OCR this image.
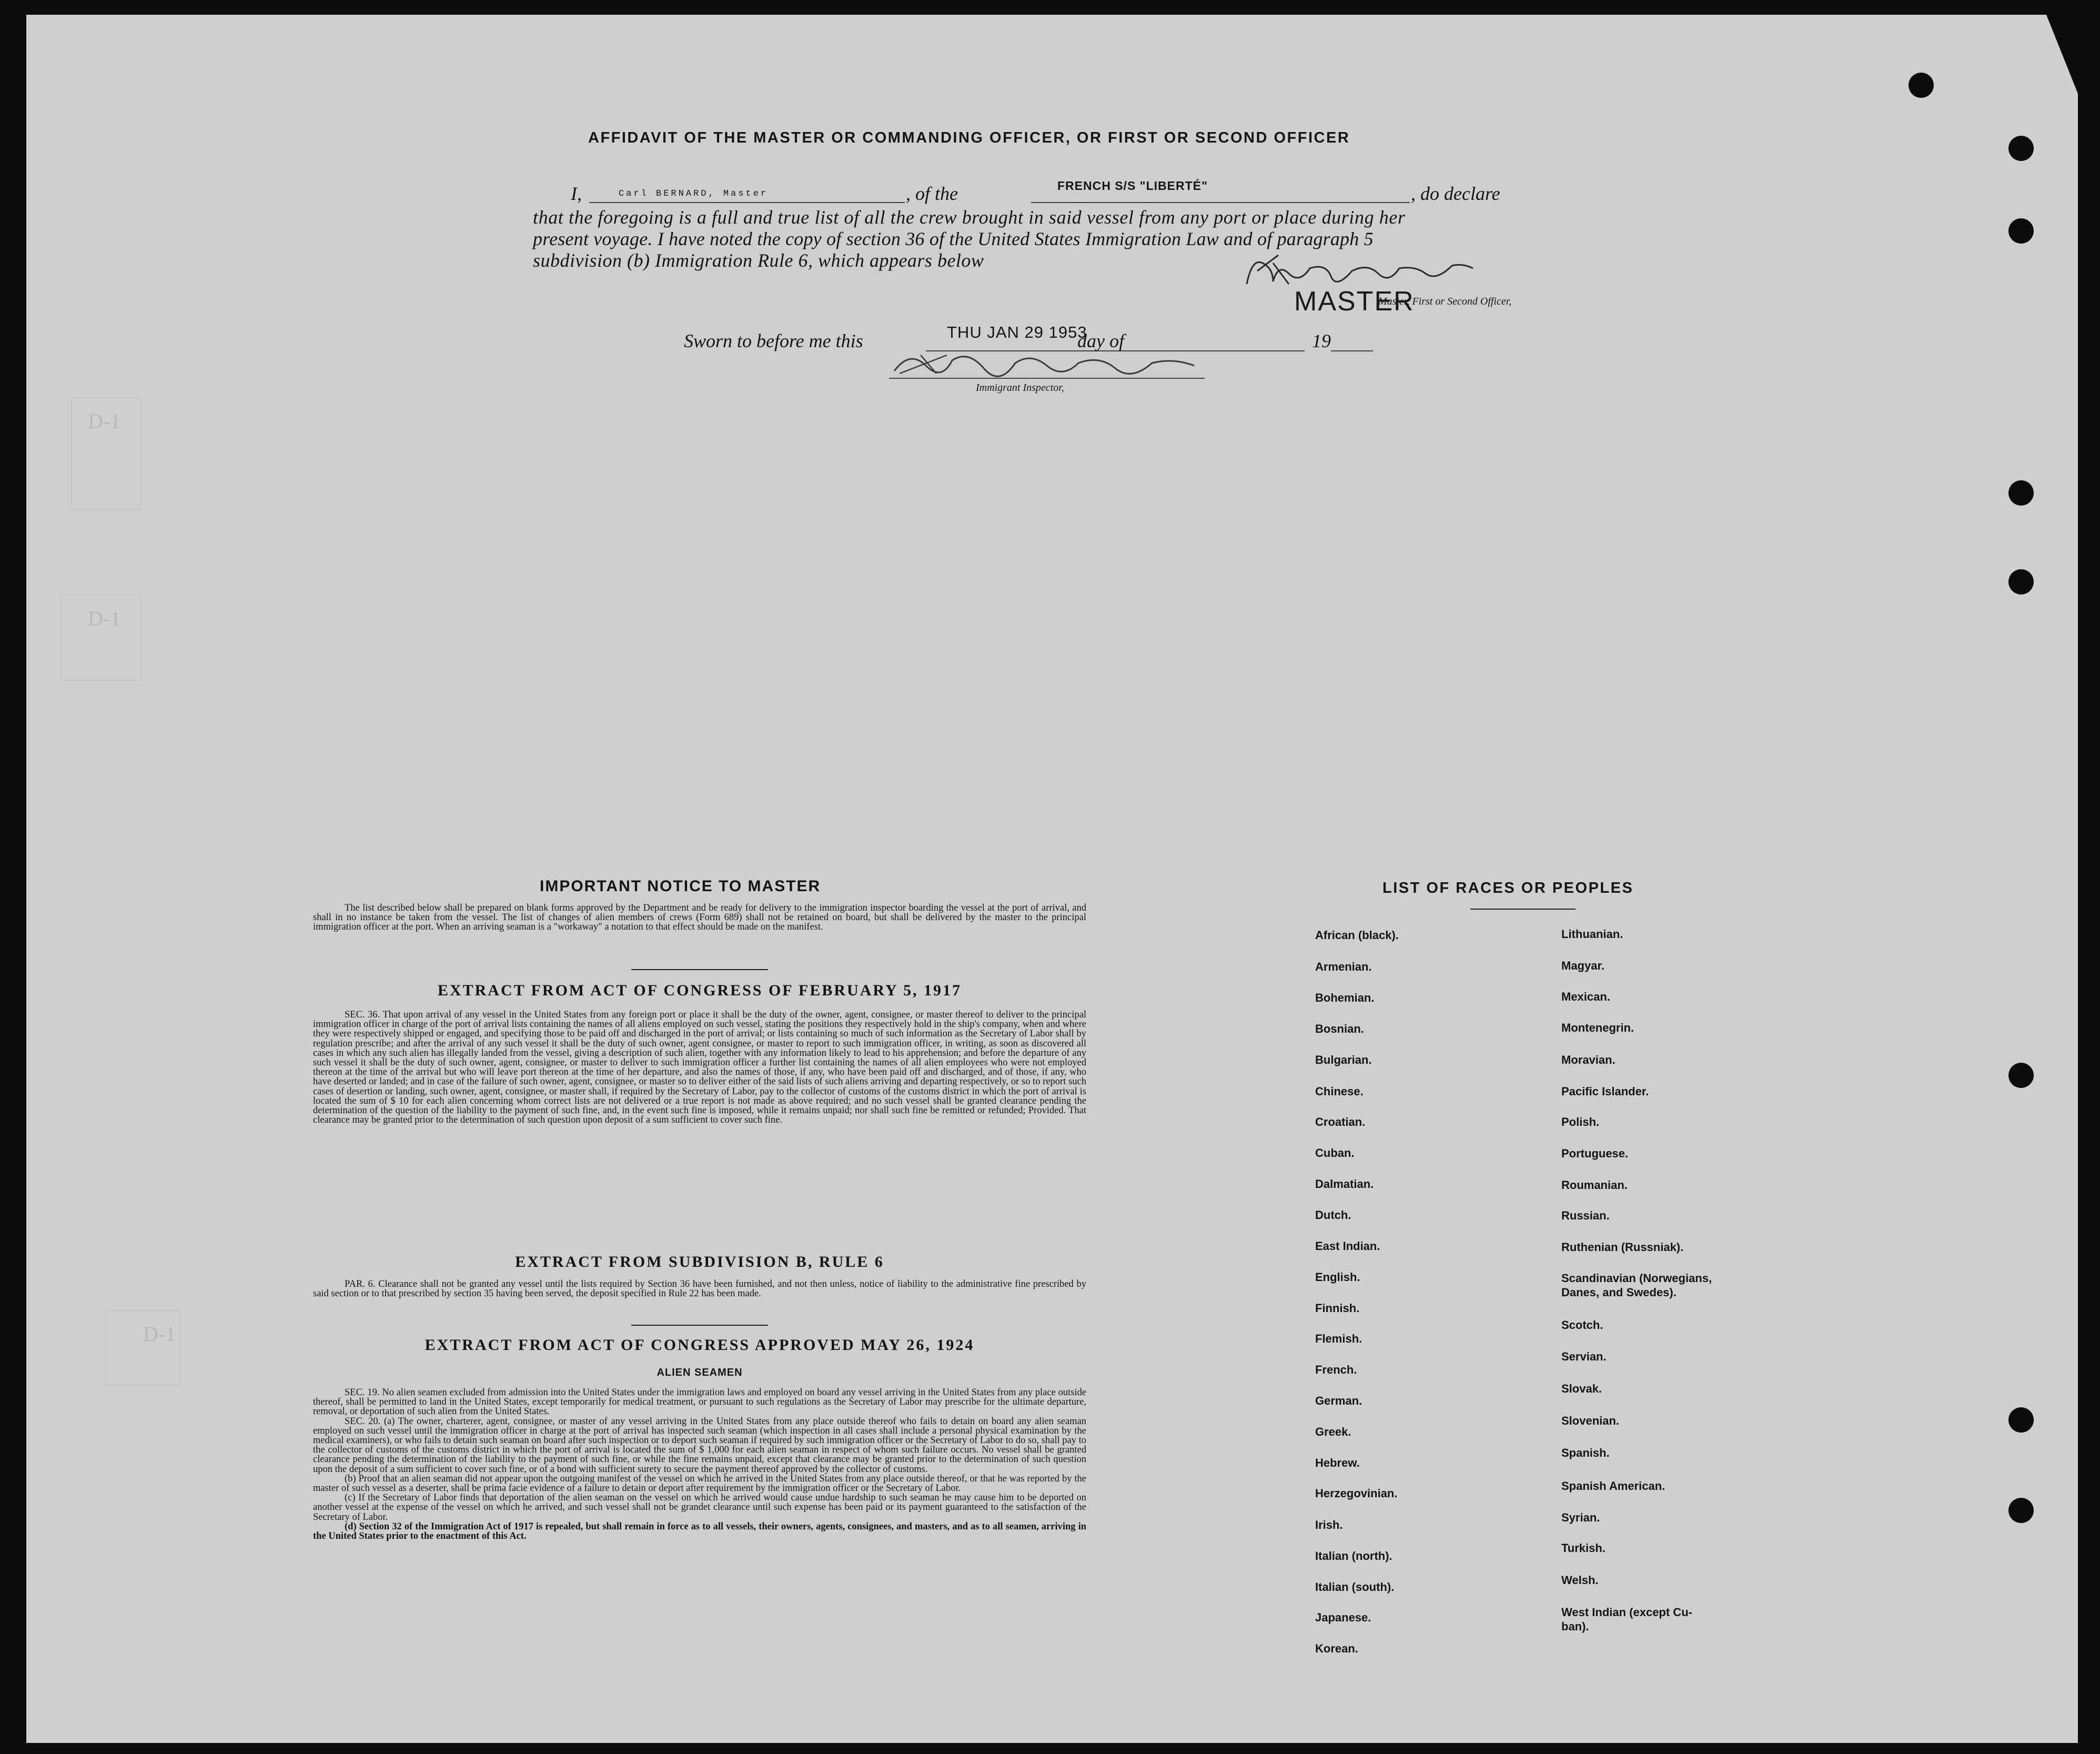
D-1
D-1
D-1
AFFIDAVIT OF THE MASTER OR COMMANDING OFFICER, OR FIRST OR SECOND OFFICER
I,	Carl BERNARD, Master	, of the	FRENCH S/S "LIBERTÉ"	, do declare
that the foregoing is a full and true list of all the crew brought in said vessel from any port or place during her
present voyage. I have noted the copy of section 36 of the United States Immigration Law and of paragraph 5
subdivision (b) Immigration Rule 6, which appears below
MASTER
Master, First or Second Officer,
Sworn to before me this	THU JAN 29 1953
day of	19
Immigrant Inspector,
IMPORTANT NOTICE TO MASTER

The list described below shall be prepared on blank forms approved by the Department and be ready for delivery to the immigration inspector boarding the vessel at the port of arrival, and shall in no instance be taken from the vessel. The list of changes of alien members of crews (Form 689) shall not be retained on board, but shall be delivered by the master to the principal immigration officer at the port. When an arriving seaman is a "workaway" a notation to that effect should be made on the manifest.

EXTRACT FROM ACT OF CONGRESS OF FEBRUARY 5, 1917

SEC. 36. That upon arrival of any vessel in the United States from any foreign port or place it shall be the duty of the owner, agent, consignee, or master thereof to deliver to the principal immigration officer in charge of the port of arrival lists containing the names of all aliens employed on such vessel, stating the positions they respectively hold in the ship's company, when and where they were respectively shipped or engaged, and specifying those to be paid off and discharged in the port of arrival; or lists containing so much of such information as the Secretary of Labor shall by regulation prescribe; and after the arrival of any such vessel it shall be the duty of such owner, agent consignee, or master to report to such immigration officer, in writing, as soon as discovered all cases in which any such alien has illegally landed from the vessel, giving a description of such alien, together with any information likely to lead to his apprehension; and before the departure of any such vessel it shall be the duty of such owner, agent, consignee, or master to deliver to such immigration officer a further list containing the names of all alien employees who were not employed thereon at the time of the arrival but who will leave port thereon at the time of her departure, and also the names of those, if any, who have been paid off and discharged, and of those, if any, who have deserted or landed; and in case of the failure of such owner, agent, consignee, or master so to deliver either of the said lists of such aliens arriving and departing respectively, or so to report such cases of desertion or landing, such owner, agent, consignee, or master shall, if required by the Secretary of Labor, pay to the collector of customs of the customs district in which the port of arrival is located the sum of $ 10 for each alien concerning whom correct lists are not delivered or a true report is not made as above required; and no such vessel shall be granted clearance pending the determination of the question of the liability to the payment of such fine, and, in the event such fine is imposed, while it remains unpaid; nor shall such fine be remitted or refunded; Provided. That clearance may be granted prior to the determination of such question upon deposit of a sum sufficient to cover such fine.

EXTRACT FROM SUBDIVISION B, RULE 6

PAR. 6. Clearance shall not be granted any vessel until the lists required by Section 36 have been furnished, and not then unless, notice of liability to the administrative fine prescribed by said section or to that prescribed by section 35 having been served, the deposit specified in Rule 22 has been made.

EXTRACT FROM ACT OF CONGRESS APPROVED MAY 26, 1924
ALIEN SEAMEN

SEC. 19. No alien seamen excluded from admission into the United States under the immigration laws and employed on board any vessel arriving in the United States from any place outside thereof, shall be permitted to land in the United States, except temporarily for medical treatment, or pursuant to such regulations as the Secretary of Labor may prescribe for the ultimate departure, removal, or deportation of such alien from the United States.

SEC. 20. (a) The owner, charterer, agent, consignee, or master of any vessel arriving in the United States from any place outside thereof who fails to detain on board any alien seaman employed on such vessel until the immigration officer in charge at the port of arrival has inspected such seaman (which inspection in all cases shall include a personal physical examination by the medical examiners), or who fails to detain such seaman on board after such inspection or to deport such seaman if required by such immigration officer or the Secretary of Labor to do so, shall pay to the collector of customs of the customs district in which the port of arrival is located the sum of $ 1,000 for each alien seaman in respect of whom such failure occurs. No vessel shall be granted clearance pending the determination of the liability to the payment of such fine, or while the fine remains unpaid, except that clearance may be granted prior to the determination of such question upon the deposit of a sum sufficient to cover such fine, or of a bond with sufficient surety to secure the payment thereof approved by the collector of customs.

(b) Proof that an alien seaman did not appear upon the outgoing manifest of the vessel on which he arrived in the United States from any place outside thereof, or that he was reported by the master of such vessel as a deserter, shall be prima facie evidence of a failure to detain or deport after requirement by the immigration officer or the Secretary of Labor.

(c) If the Secretary of Labor finds that deportation of the alien seaman on the vessel on which he arrived would cause undue hardship to such seaman he may cause him to be deported on another vessel at the expense of the vessel on which he arrived, and such vessel shall not be grandet clearance until such expense has been paid or its payment guaranteed to the satisfaction of the Secretary of Labor.

(d) Section 32 of the Immigration Act of 1917 is repealed, but shall remain in force as to all vessels, their owners, agents, consignees, and masters, and as to all seamen, arriving in the United States prior to the enactment of this Act.

LIST OF RACES OR PEOPLES
African (black).
Armenian.
Bohemian.
Bosnian.
Bulgarian.
Chinese.
Croatian.
Cuban.
Dalmatian.
Dutch.
East Indian.
English.
Finnish.
Flemish.
French.
German.
Greek.
Hebrew.
Herzegovinian.
Irish.
Italian (north).
Italian (south).
Japanese.
Korean.
Lithuanian.
Magyar.
Mexican.
Montenegrin.
Moravian.
Pacific Islander.
Polish.
Portuguese.
Roumanian.
Russian.
Ruthenian (Russniak).
Scandinavian (Norwegians,
Danes, and Swedes).
Scotch.
Servian.
Slovak.
Slovenian.
Spanish.
Spanish American.
Syrian.
Turkish.
Welsh.
West Indian (except Cu-
ban).
